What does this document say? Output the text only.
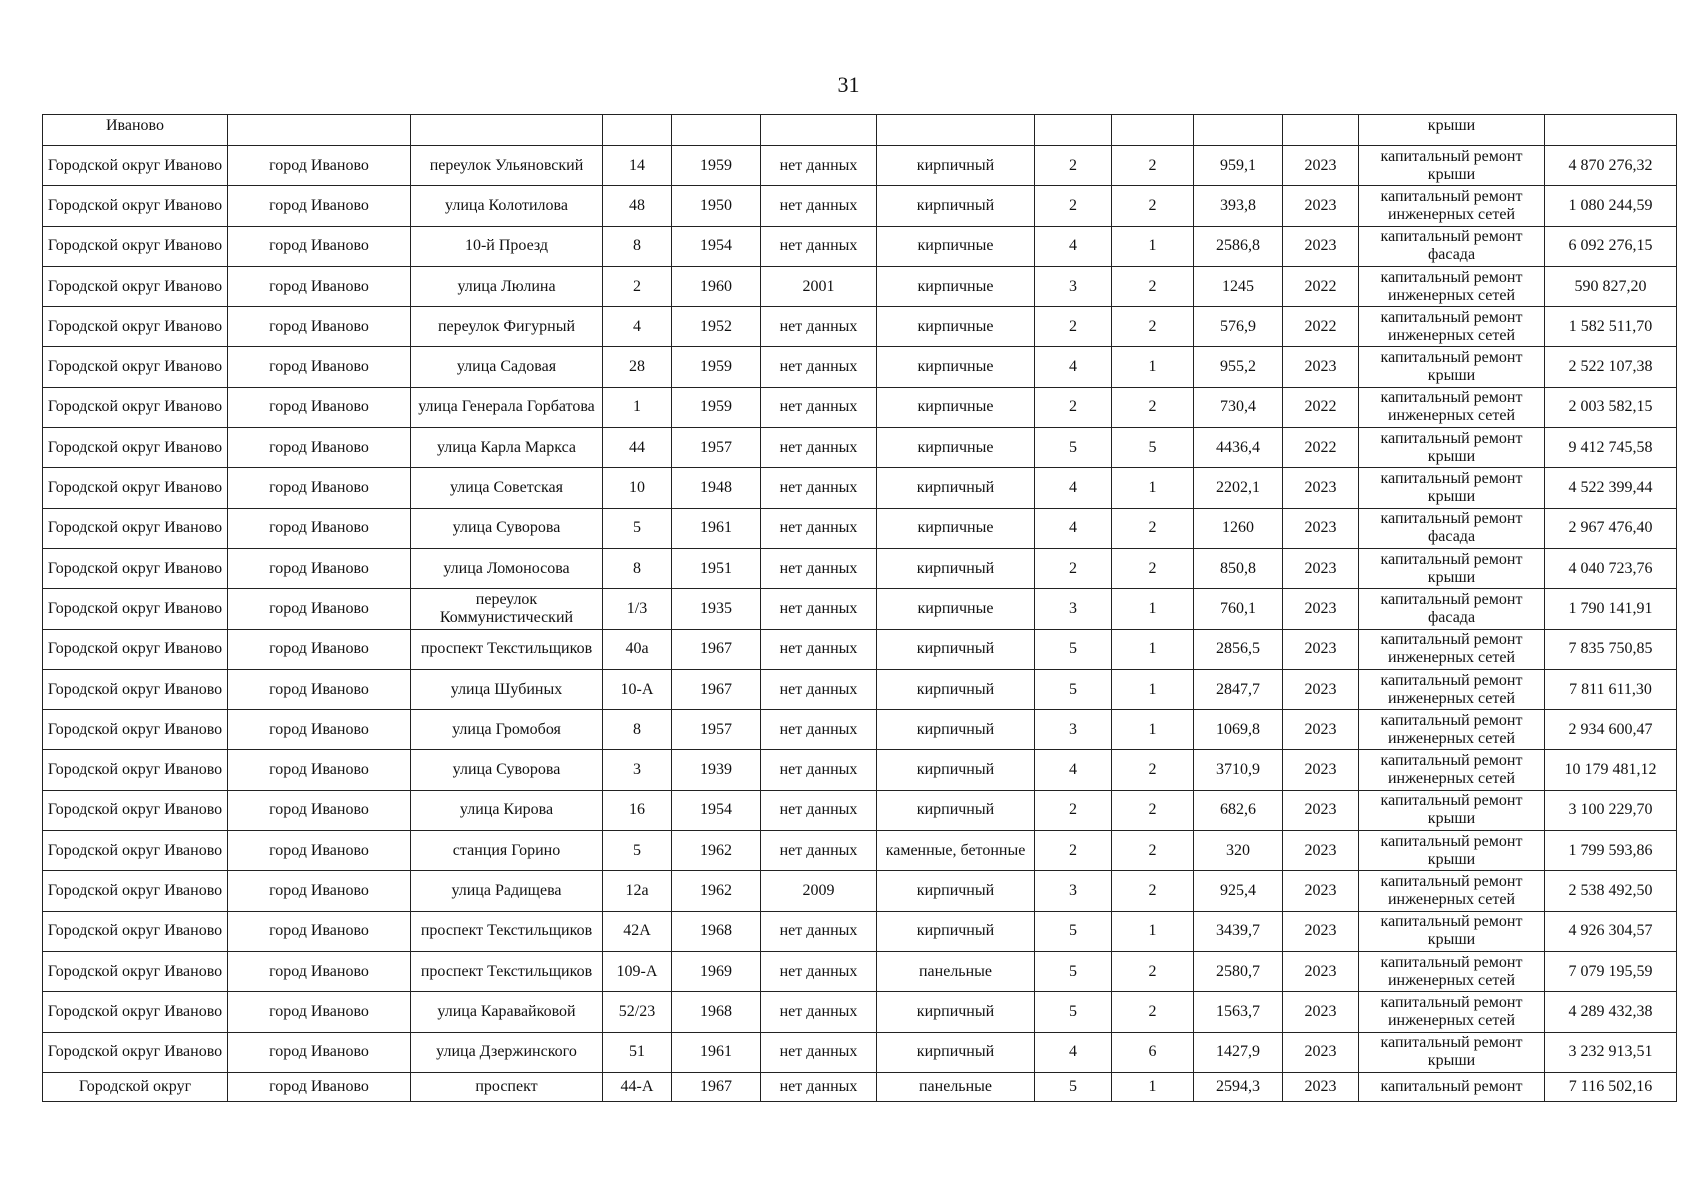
31
Иваново											крыши	
Городской округ Иваново	город Иваново	переулок Ульяновский	14	1959	нет данных	кирпичный	2	2	959,1	2023	капитальный ремонт крыши	4 870 276,32
Городской округ Иваново	город Иваново	улица Колотилова	48	1950	нет данных	кирпичный	2	2	393,8	2023	капитальный ремонт инженерных сетей	1 080 244,59
Городской округ Иваново	город Иваново	10-й Проезд	8	1954	нет данных	кирпичные	4	1	2586,8	2023	капитальный ремонт фасада	6 092 276,15
Городской округ Иваново	город Иваново	улица Люлина	2	1960	2001	кирпичные	3	2	1245	2022	капитальный ремонт инженерных сетей	590 827,20
Городской округ Иваново	город Иваново	переулок Фигурный	4	1952	нет данных	кирпичные	2	2	576,9	2022	капитальный ремонт инженерных сетей	1 582 511,70
Городской округ Иваново	город Иваново	улица Садовая	28	1959	нет данных	кирпичные	4	1	955,2	2023	капитальный ремонт крыши	2 522 107,38
Городской округ Иваново	город Иваново	улица Генерала Горбатова	1	1959	нет данных	кирпичные	2	2	730,4	2022	капитальный ремонт инженерных сетей	2 003 582,15
Городской округ Иваново	город Иваново	улица Карла Маркса	44	1957	нет данных	кирпичные	5	5	4436,4	2022	капитальный ремонт крыши	9 412 745,58
Городской округ Иваново	город Иваново	улица Советская	10	1948	нет данных	кирпичный	4	1	2202,1	2023	капитальный ремонт крыши	4 522 399,44
Городской округ Иваново	город Иваново	улица Суворова	5	1961	нет данных	кирпичные	4	2	1260	2023	капитальный ремонт фасада	2 967 476,40
Городской округ Иваново	город Иваново	улица Ломоносова	8	1951	нет данных	кирпичный	2	2	850,8	2023	капитальный ремонт крыши	4 040 723,76
Городской округ Иваново	город Иваново	переулок Коммунистический	1/3	1935	нет данных	кирпичные	3	1	760,1	2023	капитальный ремонт фасада	1 790 141,91
Городской округ Иваново	город Иваново	проспект Текстильщиков	40а	1967	нет данных	кирпичный	5	1	2856,5	2023	капитальный ремонт инженерных сетей	7 835 750,85
Городской округ Иваново	город Иваново	улица Шубиных	10-А	1967	нет данных	кирпичный	5	1	2847,7	2023	капитальный ремонт инженерных сетей	7 811 611,30
Городской округ Иваново	город Иваново	улица Громобоя	8	1957	нет данных	кирпичный	3	1	1069,8	2023	капитальный ремонт инженерных сетей	2 934 600,47
Городской округ Иваново	город Иваново	улица Суворова	3	1939	нет данных	кирпичный	4	2	3710,9	2023	капитальный ремонт инженерных сетей	10 179 481,12
Городской округ Иваново	город Иваново	улица Кирова	16	1954	нет данных	кирпичный	2	2	682,6	2023	капитальный ремонт крыши	3 100 229,70
Городской округ Иваново	город Иваново	станция Горино	5	1962	нет данных	каменные, бетонные	2	2	320	2023	капитальный ремонт крыши	1 799 593,86
Городской округ Иваново	город Иваново	улица Радищева	12а	1962	2009	кирпичный	3	2	925,4	2023	капитальный ремонт инженерных сетей	2 538 492,50
Городской округ Иваново	город Иваново	проспект Текстильщиков	42А	1968	нет данных	кирпичный	5	1	3439,7	2023	капитальный ремонт крыши	4 926 304,57
Городской округ Иваново	город Иваново	проспект Текстильщиков	109-А	1969	нет данных	панельные	5	2	2580,7	2023	капитальный ремонт инженерных сетей	7 079 195,59
Городской округ Иваново	город Иваново	улица Каравайковой	52/23	1968	нет данных	кирпичный	5	2	1563,7	2023	капитальный ремонт инженерных сетей	4 289 432,38
Городской округ Иваново	город Иваново	улица Дзержинского	51	1961	нет данных	кирпичный	4	6	1427,9	2023	капитальный ремонт крыши	3 232 913,51
Городской округ	город Иваново	проспект	44-А	1967	нет данных	панельные	5	1	2594,3	2023	капитальный ремонт	7 116 502,16
